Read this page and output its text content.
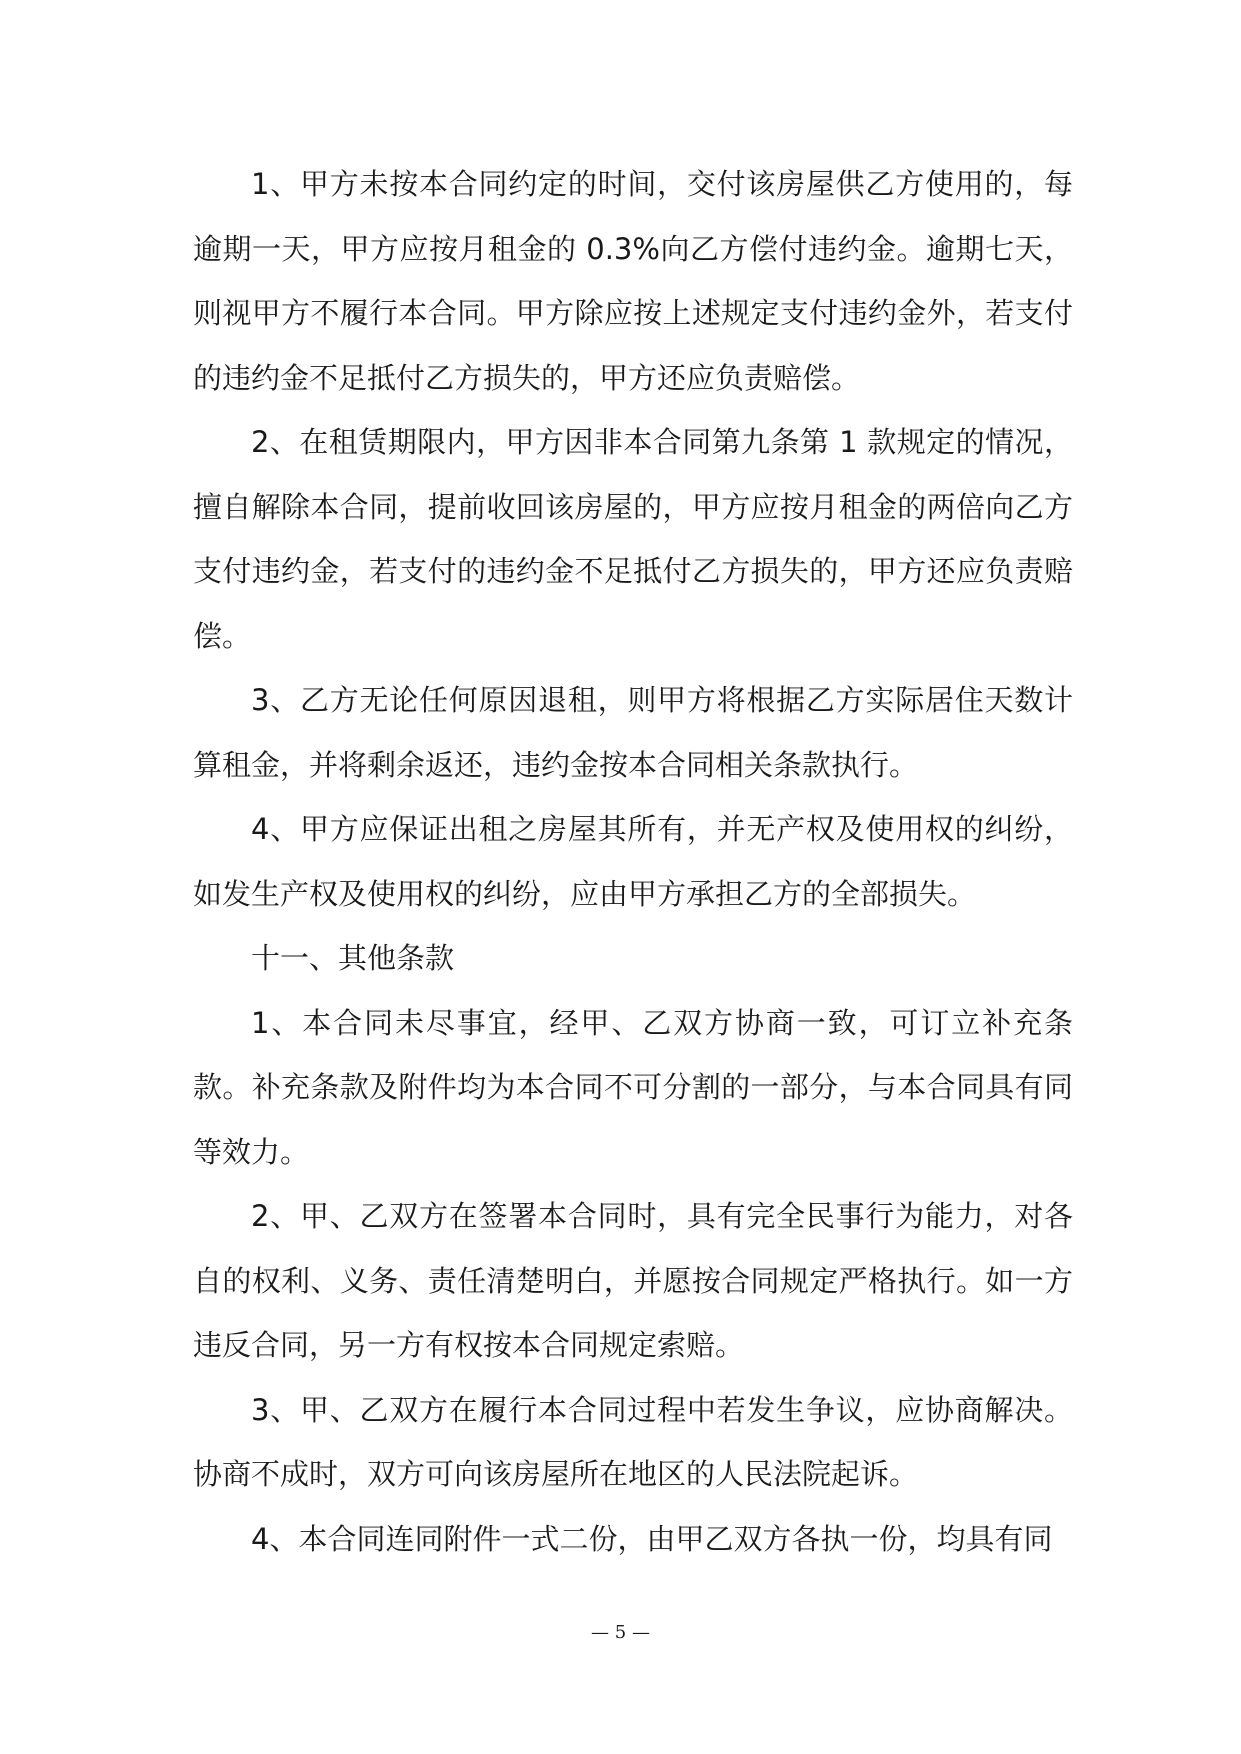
1、甲方未按本合同约定的时间，交付该房屋供乙方使用的，每逾期一天，甲方应按月租金的 0.3%向乙方偿付违约金。逾期七天，则视甲方不履行本合同。甲方除应按上述规定支付违约金外，若支付的违约金不足抵付乙方损失的，甲方还应负责赔偿。

2、在租赁期限内，甲方因非本合同第九条第 1 款规定的情况，擅自解除本合同，提前收回该房屋的，甲方应按月租金的两倍向乙方支付违约金，若支付的违约金不足抵付乙方损失的，甲方还应负责赔偿。

3、乙方无论任何原因退租，则甲方将根据乙方实际居住天数计算租金，并将剩余返还，违约金按本合同相关条款执行。

4、甲方应保证出租之房屋其所有，并无产权及使用权的纠纷，如发生产权及使用权的纠纷，应由甲方承担乙方的全部损失。

十一、其他条款

1、本合同未尽事宜，经甲、乙双方协商一致，可订立补充条款。补充条款及附件均为本合同不可分割的一部分，与本合同具有同等效力。

2、甲、乙双方在签署本合同时，具有完全民事行为能力，对各自的权利、义务、责任清楚明白，并愿按合同规定严格执行。如一方违反合同，另一方有权按本合同规定索赔。

3、甲、乙双方在履行本合同过程中若发生争议，应协商解决。协商不成时，双方可向该房屋所在地区的人民法院起诉。

4、本合同连同附件一式二份，由甲乙双方各执一份，均具有同

— 5 —
